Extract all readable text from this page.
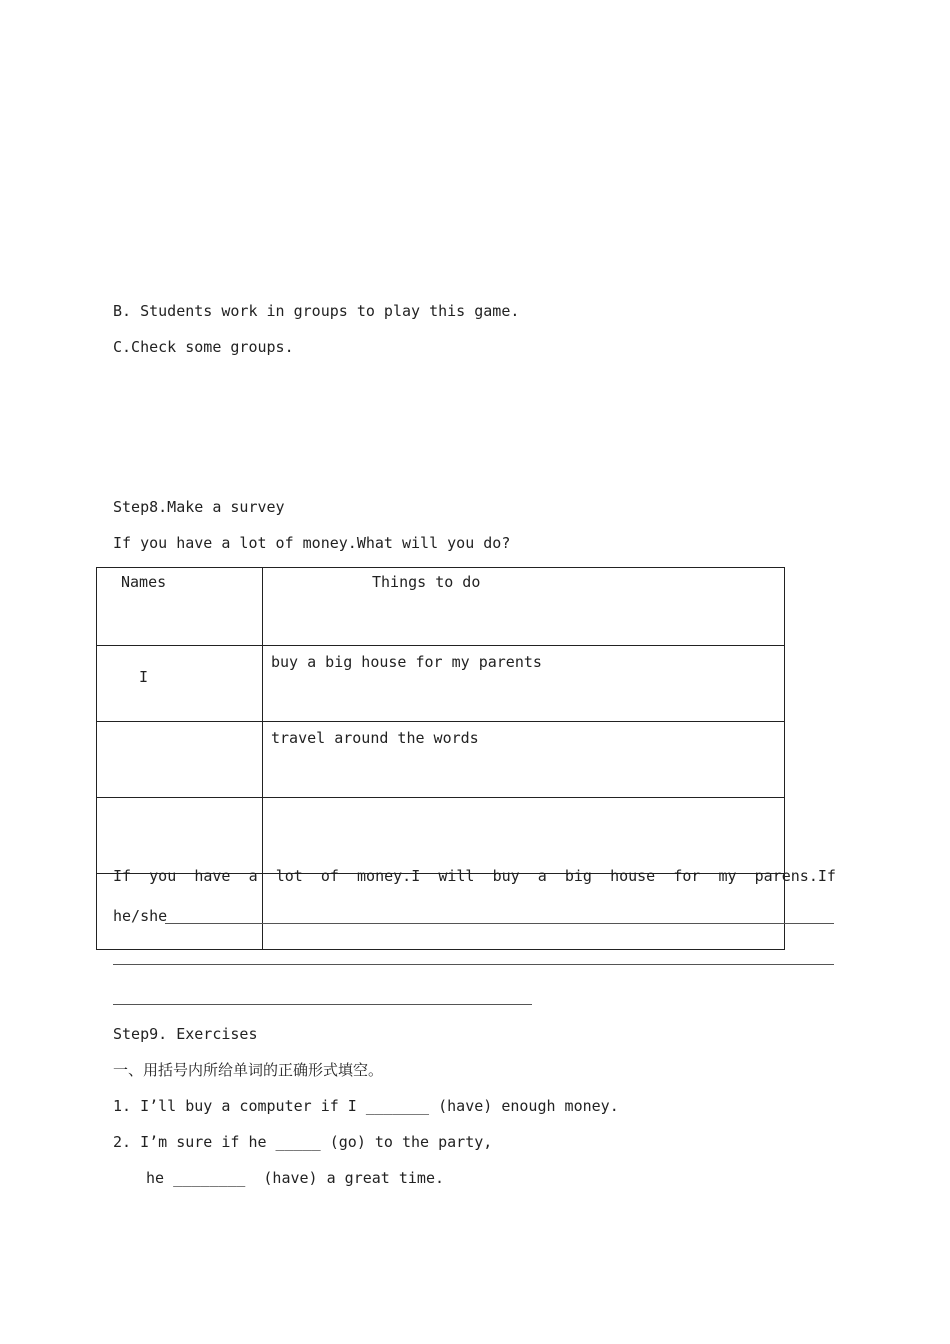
B. Students work in groups to play this game.
C.Check some groups.
Step8.Make a survey
If you have a lot of money.What will you do?
Names	Things to do
I	buy a big house for my parents
	travel around the words

If you have a lot of money.I will buy a big house for my parens.If
he/she
Step9. Exercises
一、用括号内所给单词的正确形式填空。
1. I’ll buy a computer if I _______ (have) enough money.
2. I’m sure if he _____ (go) to the party,
he ________  (have) a great time.
